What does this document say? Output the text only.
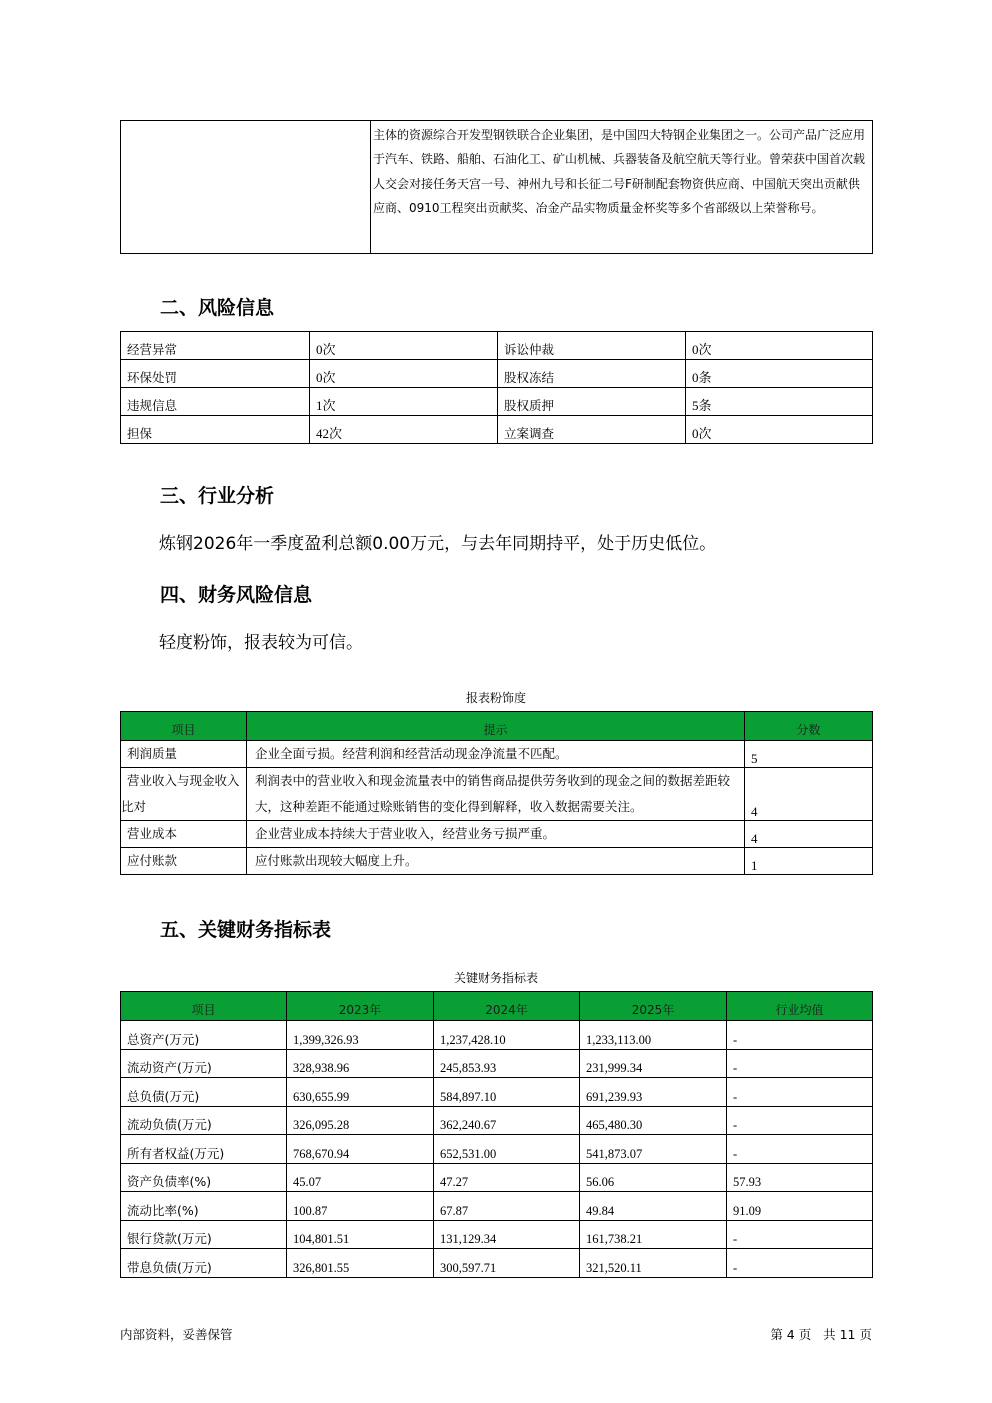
	主体的资源综合开发型钢铁联合企业集团，是中国四大特钢企业集团之一。公司产品广泛应用于汽车、铁路、船舶、石油化工、矿山机械、兵器装备及航空航天等行业。曾荣获中国首次载人交会对接任务天宫一号、神州九号和长征二号F研制配套物资供应商、中国航天突出贡献供应商、0910工程突出贡献奖、冶金产品实物质量金杯奖等多个省部级以上荣誉称号。
二、风险信息
经营异常	0次	诉讼仲裁	0次
环保处罚	0次	股权冻结	0条
违规信息	1次	股权质押	5条
担保	42次	立案调查	0次
三、行业分析
炼钢2026年一季度盈利总额0.00万元，与去年同期持平，处于历史低位。
四、财务风险信息
轻度粉饰，报表较为可信。
报表粉饰度
项目	提示	分数
利润质量	企业全面亏损。经营利润和经营活动现金净流量不匹配。	5
营业收入与现金收入比对	利润表中的营业收入和现金流量表中的销售商品提供劳务收到的现金之间的数据差距较大，这种差距不能通过赊账销售的变化得到解释，收入数据需要关注。	4
营业成本	企业营业成本持续大于营业收入，经营业务亏损严重。	4
应付账款	应付账款出现较大幅度上升。	1
五、关键财务指标表
关键财务指标表
项目	2023年	2024年	2025年	行业均值
总资产(万元)	1,399,326.93	1,237,428.10	1,233,113.00	-
流动资产(万元)	328,938.96	245,853.93	231,999.34	-
总负债(万元)	630,655.99	584,897.10	691,239.93	-
流动负债(万元)	326,095.28	362,240.67	465,480.30	-
所有者权益(万元)	768,670.94	652,531.00	541,873.07	-
资产负债率(%)	45.07	47.27	56.06	57.93
流动比率(%)	100.87	67.87	49.84	91.09
银行贷款(万元)	104,801.51	131,129.34	161,738.21	-
带息负债(万元)	326,801.55	300,597.71	321,520.11	-
内部资料，妥善保管	第 4 页   共 11 页
